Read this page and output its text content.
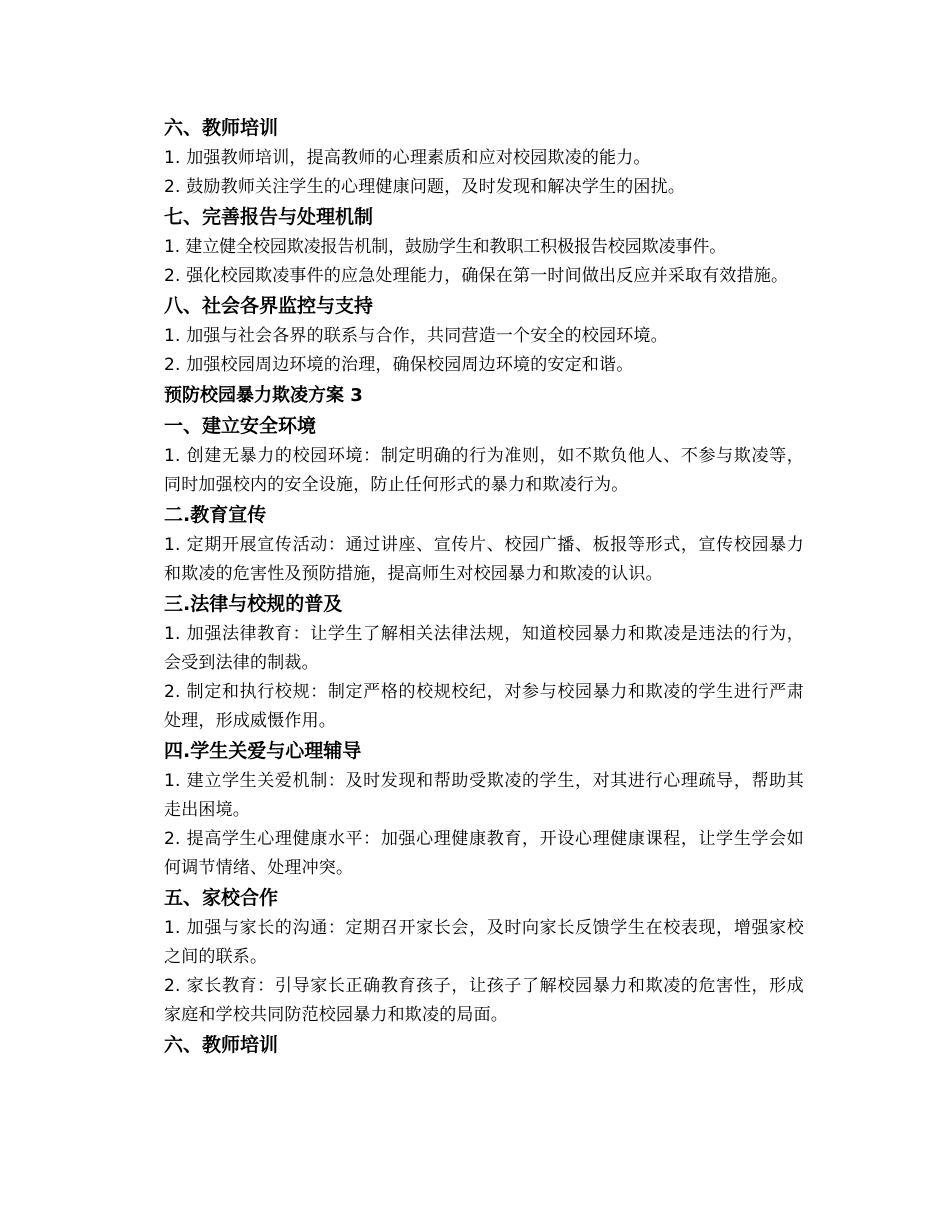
六、教师培训

1. 加强教师培训，提高教师的心理素质和应对校园欺凌的能力。

2. 鼓励教师关注学生的心理健康问题，及时发现和解决学生的困扰。

七、完善报告与处理机制

1. 建立健全校园欺凌报告机制，鼓励学生和教职工积极报告校园欺凌事件。

2. 强化校园欺凌事件的应急处理能力，确保在第一时间做出反应并采取有效措施。

八、社会各界监控与支持

1. 加强与社会各界的联系与合作，共同营造一个安全的校园环境。

2. 加强校园周边环境的治理，确保校园周边环境的安定和谐。

预防校园暴力欺凌方案 3
一、建立安全环境

1. 创建无暴力的校园环境：制定明确的行为准则，如不欺负他人、不参与欺凌等，同时加强校内的安全设施，防止任何形式的暴力和欺凌行为。

二.教育宣传

1. 定期开展宣传活动：通过讲座、宣传片、校园广播、板报等形式，宣传校园暴力和欺凌的危害性及预防措施，提高师生对校园暴力和欺凌的认识。

三.法律与校规的普及

1. 加强法律教育：让学生了解相关法律法规，知道校园暴力和欺凌是违法的行为，会受到法律的制裁。

2. 制定和执行校规：制定严格的校规校纪，对参与校园暴力和欺凌的学生进行严肃处理，形成威慑作用。

四.学生关爱与心理辅导

1. 建立学生关爱机制：及时发现和帮助受欺凌的学生，对其进行心理疏导，帮助其走出困境。

2. 提高学生心理健康水平：加强心理健康教育，开设心理健康课程，让学生学会如何调节情绪、处理冲突。

五、家校合作

1. 加强与家长的沟通：定期召开家长会，及时向家长反馈学生在校表现，增强家校之间的联系。

2. 家长教育：引导家长正确教育孩子，让孩子了解校园暴力和欺凌的危害性，形成家庭和学校共同防范校园暴力和欺凌的局面。

六、教师培训
